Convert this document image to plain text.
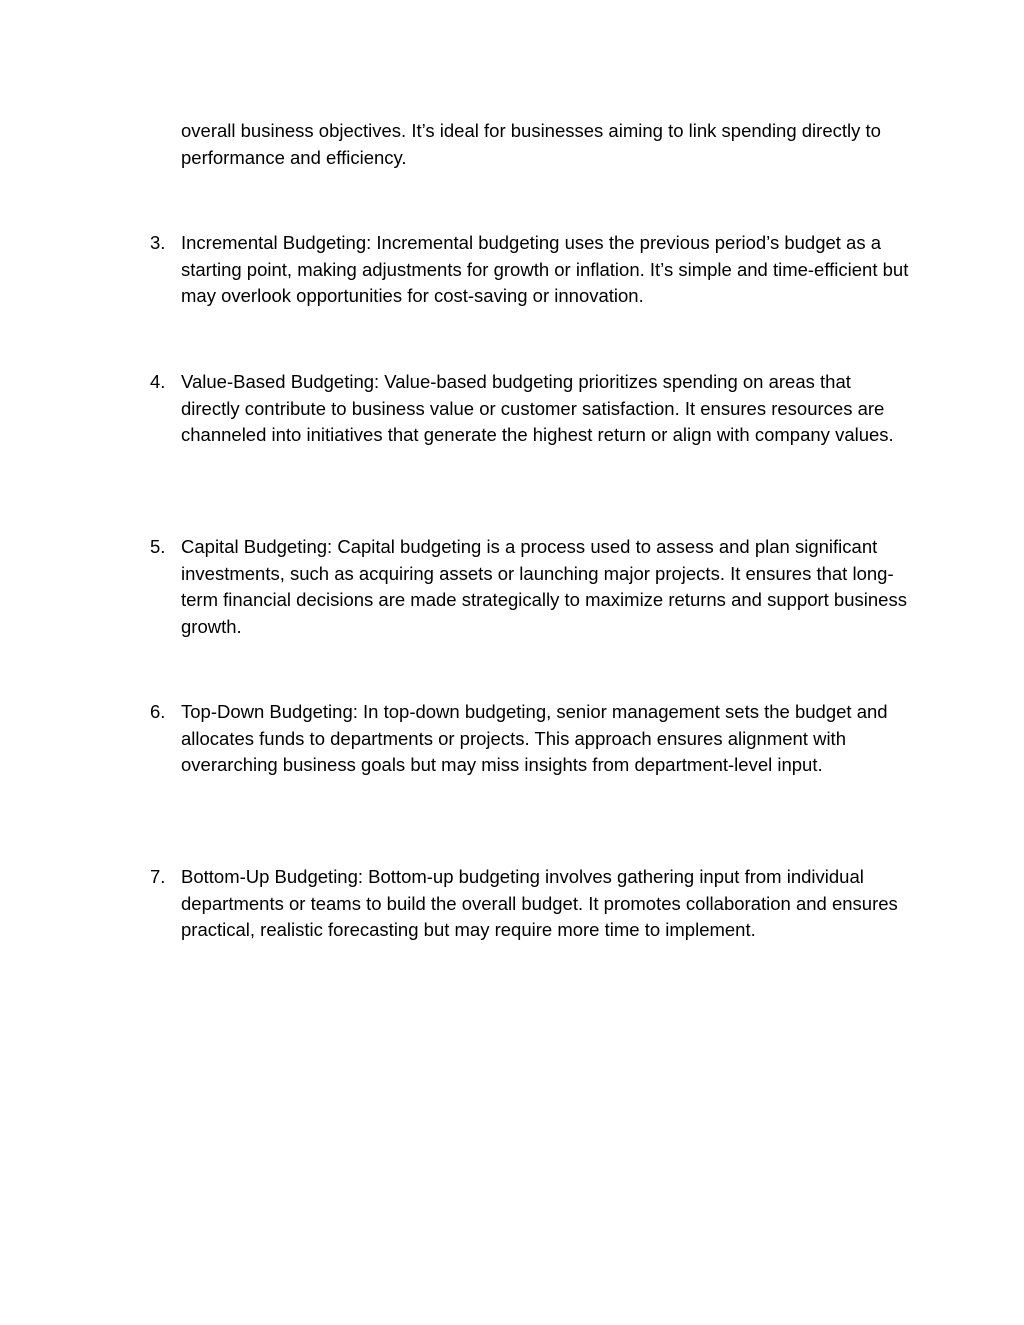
overall business objectives. It’s ideal for businesses aiming to link spending directly to performance and efficiency.

3. Incremental Budgeting: Incremental budgeting uses the previous period’s budget as a starting point, making adjustments for growth or inflation. It’s simple and time-efficient but may overlook opportunities for cost-saving or innovation.
4. Value-Based Budgeting: Value-based budgeting prioritizes spending on areas that directly contribute to business value or customer satisfaction. It ensures resources are channeled into initiatives that generate the highest return or align with company values.
5. Capital Budgeting: Capital budgeting is a process used to assess and plan significant investments, such as acquiring assets or launching major projects. It ensures that long-term financial decisions are made strategically to maximize returns and support business growth.
6. Top-Down Budgeting: In top-down budgeting, senior management sets the budget and allocates funds to departments or projects. This approach ensures alignment with overarching business goals but may miss insights from department-level input.
7. Bottom-Up Budgeting: Bottom-up budgeting involves gathering input from individual departments or teams to build the overall budget. It promotes collaboration and ensures practical, realistic forecasting but may require more time to implement.
